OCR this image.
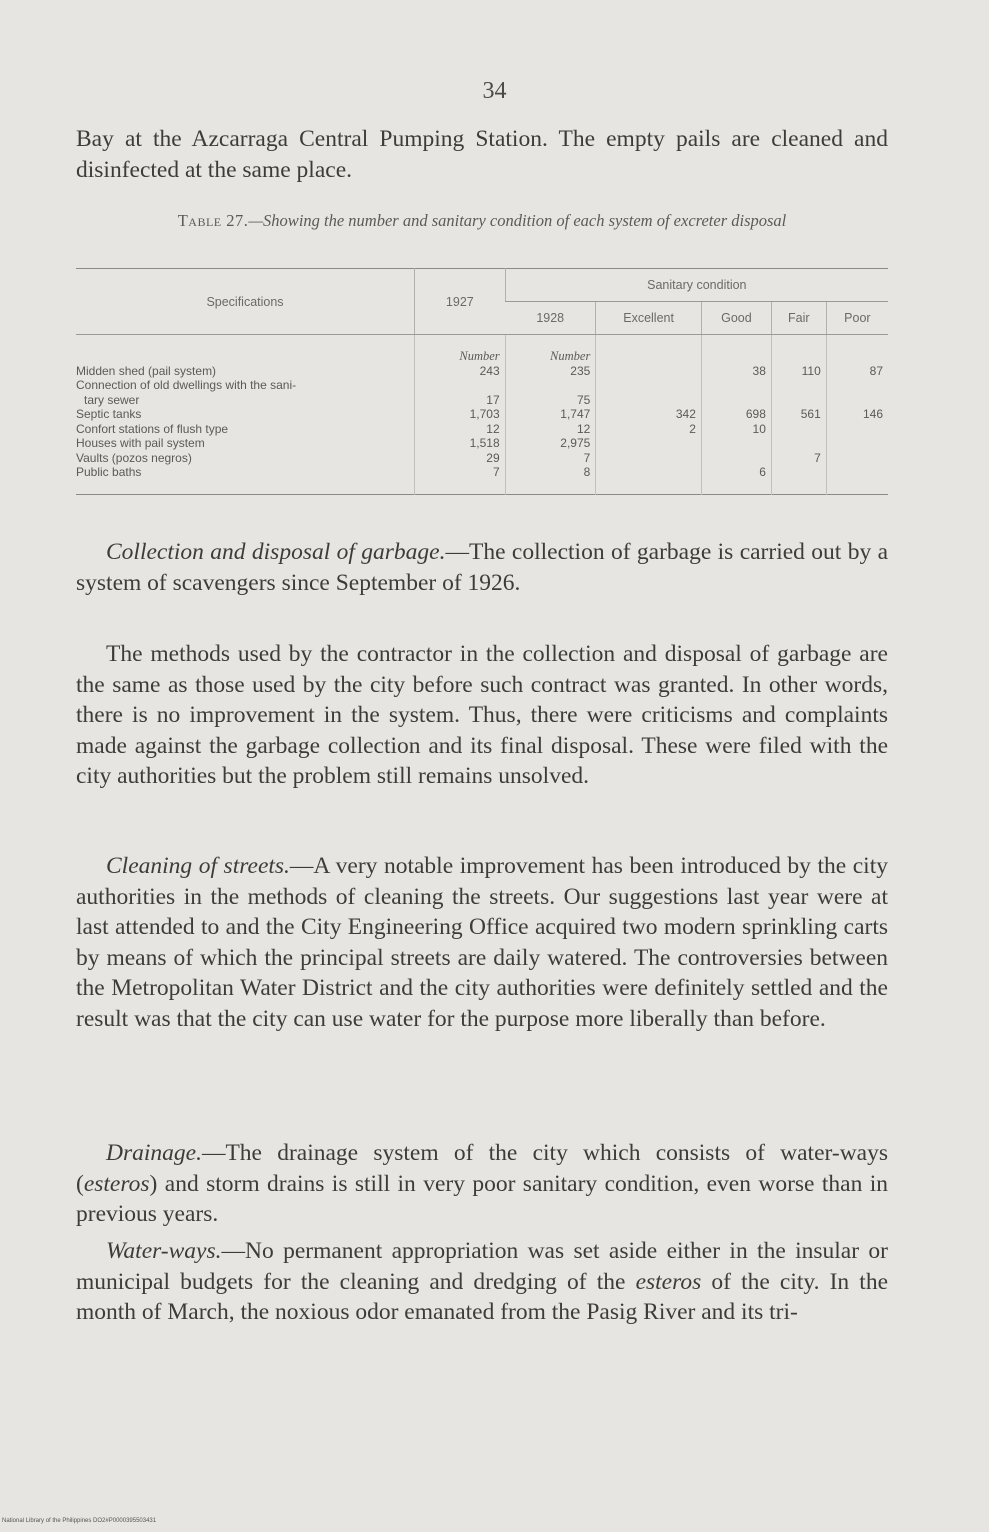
34

Bay at the Azcarraga Central Pumping Station. The empty pails are cleaned and disinfected at the same place.

Table 27.—Showing the number and sanitary condition of each system of excreter disposal
Specifications	1927	Sanitary condition				
		1928	Excellent	Good	Fair	Poor
	Number	Number				
Midden shed (pail system)	243	235		38	110	87
Connection of old dwellings with the sani-						
tary sewer	17	75				
Septic tanks	1,703	1,747	342	698	561	146
Confort stations of flush type	12	12	2	10		
Houses with pail system	1,518	2,975				
Vaults (pozos negros)	29	7			7	
Public baths	7	8		6		

Collection and disposal of garbage.—The collection of garbage is carried out by a system of scavengers since September of 1926.

The methods used by the contractor in the collection and disposal of garbage are the same as those used by the city before such contract was granted. In other words, there is no improvement in the system. Thus, there were criticisms and complaints made against the garbage collection and its final disposal. These were filed with the city authorities but the problem still remains unsolved.

Cleaning of streets.—A very notable improvement has been introduced by the city authorities in the methods of cleaning the streets. Our suggestions last year were at last attended to and the City Engineering Office acquired two modern sprinkling carts by means of which the principal streets are daily watered. The controversies between the Metropolitan Water District and the city authorities were definitely settled and the result was that the city can use water for the purpose more liberally than before.

Drainage.—The drainage system of the city which consists of water-ways (esteros) and storm drains is still in very poor sanitary condition, even worse than in previous years.

Water-ways.—No permanent appropriation was set aside either in the insular or municipal budgets for the cleaning and dredging of the esteros of the city. In the month of March, the noxious odor emanated from the Pasig River and its tri-

National Library of the Philippines DO2#P0000395503431
